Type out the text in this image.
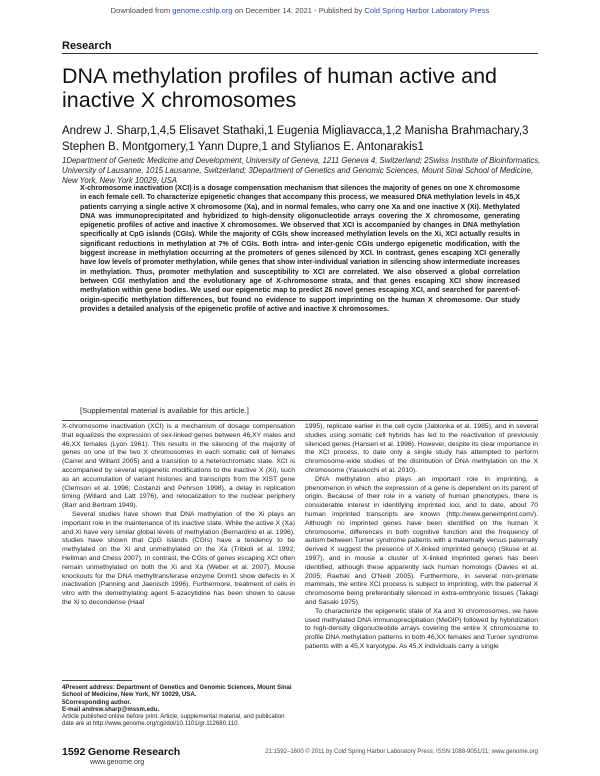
Downloaded from genome.cshlp.org on December 14, 2021 - Published by Cold Spring Harbor Laboratory Press
Research
DNA methylation profiles of human active and inactive X chromosomes
Andrew J. Sharp,1,4,5 Elisavet Stathaki,1 Eugenia Migliavacca,1,2 Manisha Brahmachary,3
Stephen B. Montgomery,1 Yann Dupre,1 and Stylianos E. Antonarakis1
1Department of Genetic Medicine and Development, University of Geneva, 1211 Geneva 4, Switzerland; 2Swiss Institute of Bioinformatics, University of Lausanne, 1015 Lausanne, Switzerland; 3Department of Genetics and Genomic Sciences, Mount Sinai School of Medicine, New York, New York 10029, USA

X-chromosome inactivation (XCI) is a dosage compensation mechanism that silences the majority of genes on one X chromosome in each female cell. To characterize epigenetic changes that accompany this process, we measured DNA methylation levels in 45,X patients carrying a single active X chromosome (Xa), and in normal females, who carry one Xa and one inactive X (Xi). Methylated DNA was immunoprecipitated and hybridized to high-density oligonucleotide arrays covering the X chromosome, generating epigenetic profiles of active and inactive X chromosomes. We observed that XCI is accompanied by changes in DNA methylation specifically at CpG islands (CGIs). While the majority of CGIs show increased methylation levels on the Xi, XCI actually results in significant reductions in methylation at 7% of CGIs. Both intra- and inter-genic CGIs undergo epigenetic modification, with the biggest increase in methylation occurring at the promoters of genes silenced by XCI. In contrast, genes escaping XCI generally have low levels of promoter methylation, while genes that show inter-individual variation in silencing show intermediate increases in methylation. Thus, promoter methylation and susceptibility to XCI are correlated. We also observed a global correlation between CGI methylation and the evolutionary age of X-chromosome strata, and that genes escaping XCI show increased methylation within gene bodies. We used our epigenetic map to predict 26 novel genes escaping XCI, and searched for parent-of-origin-specific methylation differences, but found no evidence to support imprinting on the human X chromosome. Our study provides a detailed analysis of the epigenetic profile of active and inactive X chromosomes.

[Supplemental material is available for this article.]

X-chromosome inactivation (XCI) is a mechanism of dosage compensation that equalizes the expression of sex-linked genes between 46,XY males and 46,XX females (Lyon 1961). This results in the silencing of the majority of genes on one of the two X chromosomes in each somatic cell of females (Carrel and Willard 2005) and a transition to a heterochromatic state. XCI is accompanied by several epigenetic modifications to the inactive X (Xi), such as an accumulation of variant histones and transcripts from the XIST gene (Clemson et al. 1996; Costanzi and Pehrson 1998), a delay in replication timing (Willard and Latt 1976), and relocalization to the nuclear periphery (Barr and Bertram 1949).

Several studies have shown that DNA methylation of the Xi plays an important role in the maintenance of its inactive state. While the active X (Xa) and Xi have very similar global levels of methylation (Bernardino et al. 1996), studies have shown that CpG islands (CGIs) have a tendency to be methylated on the Xi and unmethylated on the Xa (Tribioli et al. 1992; Hellman and Chess 2007). In contrast, the CGIs of genes escaping XCI often remain unmethylated on both the Xi and Xa (Weber et al. 2007). Mouse knockouts for the DNA methyltransferase enzyme Dnmt1 show defects in X inactivation (Panning and Jaenisch 1996). Furthermore, treatment of cells in vitro with the demethylating agent 5-azacytidine has been shown to cause the Xi to decondense (Haaf

1995), replicate earlier in the cell cycle (Jablonka et al. 1985), and in several studies using somatic cell hybrids has led to the reactivation of previously silenced genes (Hansen et al. 1996). However, despite its clear importance in the XCI process, to date only a single study has attempted to perform chromosome-wide studies of the distribution of DNA methylation on the X chromosome (Yasukochi et al. 2010).

DNA methylation also plays an important role in imprinting, a phenomenon in which the expression of a gene is dependent on its parent of origin. Because of their role in a variety of human phenotypes, there is considerable interest in identifying imprinted loci, and to date, about 70 human imprinted transcripts are known (http://www.geneimprint.com/). Although no imprinted genes have been identified on the human X chromosome, differences in both cognitive function and the frequency of autism between Turner syndrome patients with a maternally versus paternally derived X suggest the presence of X-linked imprinted gene(s) (Skuse et al. 1997), and in mouse a cluster of X-linked imprinted genes has been identified, although these apparently lack human homologs (Davies et al. 2005; Raefski and O'Neill 2005). Furthermore, in several non-primate mammals, the entire XCI process is subject to imprinting, with the paternal X chromosome being preferentially silenced in extra-embryonic tissues (Takagi and Sasaki 1975).

To characterize the epigenetic state of Xa and Xi chromosomes, we have used methylated DNA immunoprecipitation (MeDIP) followed by hybridization to high-density oligonucleotide arrays covering the entire X chromosome to profile DNA methylation patterns in both 46,XX females and Turner syndrome patients with a 45,X karyotype. As 45,X individuals carry a single

4Present address: Department of Genetics and Genomic Sciences, Mount Sinai School of Medicine, New York, NY 10029, USA.
5Corresponding author.
E-mail andrew.sharp@mssm.edu.
Article published online before print. Article, supplemental material, and publication date are at http://www.genome.org/cgi/doi/10.1101/gr.112680.110.
1592 Genome Research
www.genome.org
21:1592–1600 © 2011 by Cold Spring Harbor Laboratory Press; ISSN 1088-9051/11; www.genome.org
